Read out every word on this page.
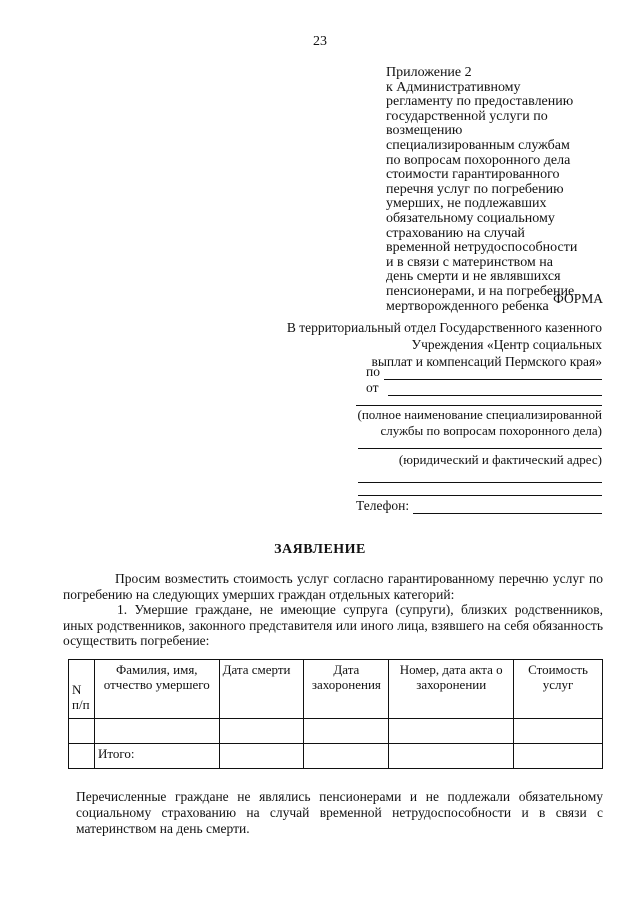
23
Приложение 2
к Административному
регламенту по предоставлению
государственной услуги по
возмещению
специализированным службам
по вопросам похоронного дела
стоимости гарантированного
перечня услуг по погребению
умерших, не подлежавших
обязательному социальному
страхованию на случай
временной нетрудоспособности
и в связи с материнством на
день смерти и не являвшихся
пенсионерами, и на погребение
мертворожденного ребенка ФОРМА
В территориальный отдел Государственного казенного
Учреждения «Центр социальных
выплат и компенсаций Пермского края»
по
от
(полное наименование специализированной
службы по вопросам похоронного дела)
(юридический и фактический адрес)
Телефон:
ЗАЯВЛЕНИЕ

Просим возместить стоимость услуг согласно гарантированному перечню услуг по погребению на следующих умерших граждан отдельных категорий:

1. Умершие граждане, не имеющие супруга (супруги), близких родственников, иных родственников, законного представителя или иного лица, взявшего на себя обязанность осуществить погребение:

N п/п	Фамилия, имя, отчество умершего	Дата смерти	Дата захоронения	Номер, дата акта о захоронении	Стоимость услуг

	Итого:				
Перечисленные граждане не являлись пенсионерами и не подлежали обязательному социальному страхованию на случай временной нетрудоспособности и в связи с материнством на день смерти.
